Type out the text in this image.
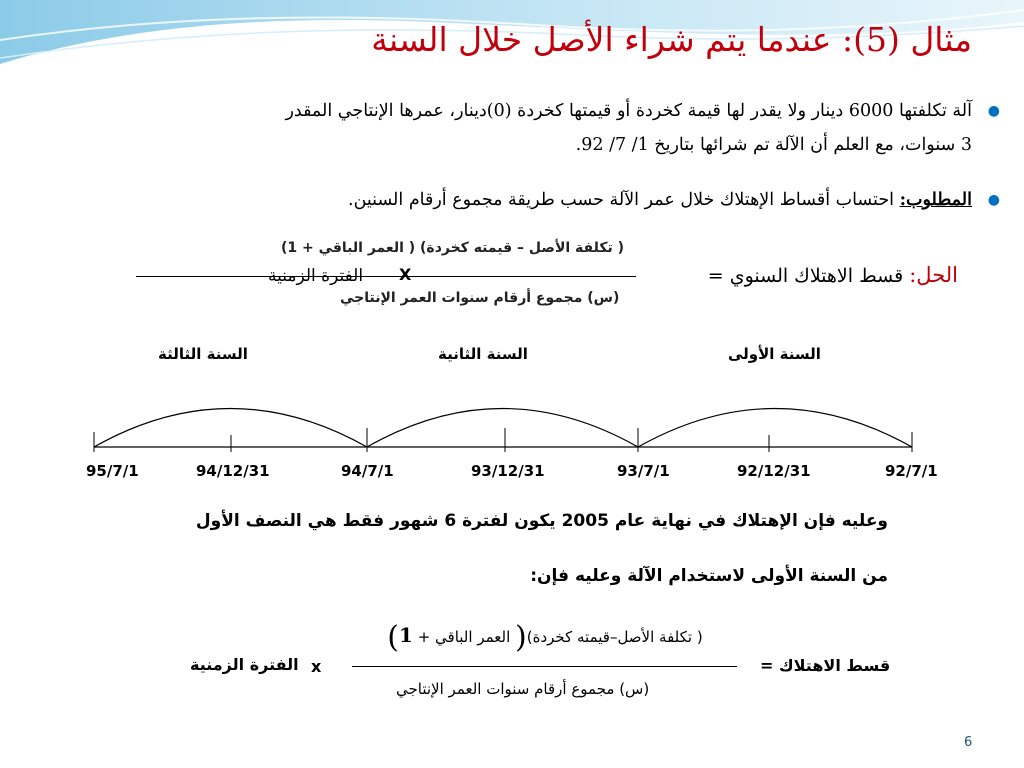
مثال (5): عندما يتم شراء الأصل خلال السنة
● آلة تكلفتها 6000 دينار ولا يقدر لها قيمة كخردة أو قيمتها كخردة (0)دينار، عمرها الإنتاجي المقدر
3 سنوات، مع العلم أن الآلة تم شرائها بتاريخ 1/ 7/ 92.
● المطلوب: احتساب أقساط الإهتلاك خلال عمر الآلة حسب طريقة مجموع أرقام السنين.
الحل: قسط الاهتلاك السنوي =
( تكلفة الأصل – قيمته كخردة) ( العمر الباقي + 1)
الفترة الزمنية X
(س) مجموع أرقام سنوات العمر الإنتاجي
السنة الأولى
السنة الثانية
السنة الثالثة
92/7/1
92/12/31
93/7/1
93/12/31
94/7/1
94/12/31
95/7/1
وعليه فإن الإهتلاك في نهاية عام 2005 يكون لفترة 6 شهور فقط هي النصف الأول
من السنة الأولى لاستخدام الآلة وعليه فإن:
قسط الاهتلاك =
( تكلفة الأصل–قيمته كخردة)( العمر الباقي + 1)
(س) مجموع أرقام سنوات العمر الإنتاجي
x
الفترة الزمنية
6
